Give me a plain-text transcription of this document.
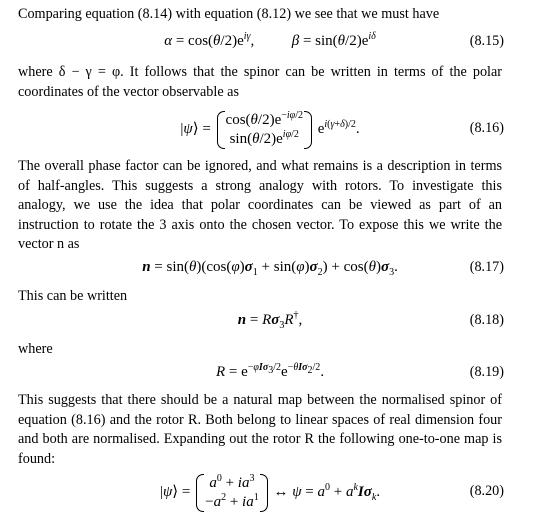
Comparing equation (8.14) with equation (8.12) we see that we must have

$\alpha = \cos(\theta/2)e^{i\gamma}$,          $\beta = \sin(\theta/2)e^{i\delta}$	(8.15)

where δ − γ = φ. It follows that the spinor can be written in terms of the polar coordinates of the vector observable as

|ψ⟩ =
$\cos(\theta/2)e^{-i\varphi/2}$
$\sin(\theta/2)e^{i\varphi/2}$ $e^{i(\gamma+\delta)/2}$.	(8.16)

The overall phase factor can be ignored, and what remains is a description in terms of half-angles. This suggests a strong analogy with rotors. To investigate this analogy, we use the idea that polar coordinates can be viewed as part of an instruction to rotate the 3 axis onto the chosen vector. To expose this we write the vector n as

$n = \sin(\theta)(\cos(\varphi)\sigma_1 + \sin(\varphi)\sigma_2) + \cos(\theta)\sigma_3$.	(8.17)

This can be written

$n = R\sigma_3R^\dagger$,	(8.18)

where

$R = e^{-\varphi I\sigma_3/2}e^{-\theta I\sigma_2/2}$.	(8.19)

This suggests that there should be a natural map between the normalised spinor of equation (8.16) and the rotor R. Both belong to linear spaces of real dimension four and both are normalised. Expanding out the rotor R the following one-to-one map is found:

|ψ⟩ =
$a^0 + ia^3$
$-a^2 + ia^1$ ↔ $\psi = a^0 + a^kI\sigma_k$.	(8.20)
